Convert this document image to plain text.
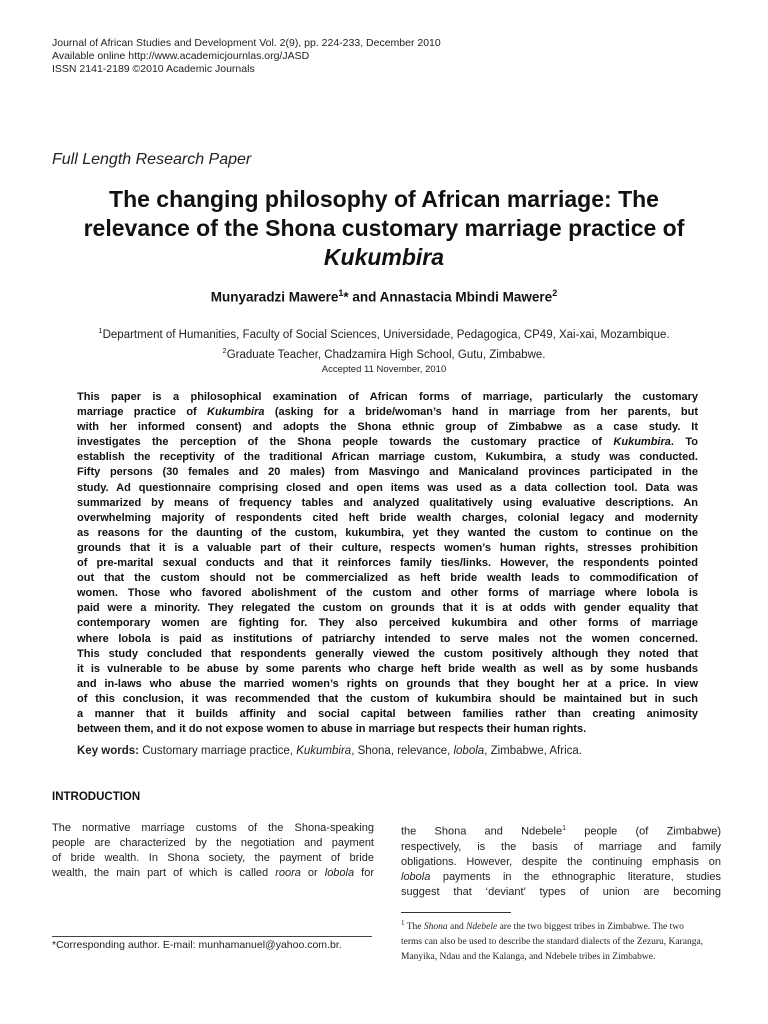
Journal of African Studies and Development Vol. 2(9), pp. 224-233, December 2010
Available online http://www.academicjournlas.org/JASD
ISSN 2141-2189 ©2010 Academic Journals
Full Length Research Paper
The changing philosophy of African marriage: The
relevance of the Shona customary marriage practice of
Kukumbira
Munyaradzi Mawere$^1$* and Annastacia Mbindi Mawere$^2$
$^1$Department of Humanities, Faculty of Social Sciences, Universidade, Pedagogica, CP49, Xai-xai, Mozambique.
$^2$Graduate Teacher, Chadzamira High School, Gutu, Zimbabwe.
Accepted 11 November, 2010
This paper is a philosophical examination of African forms of marriage, particularly the customary
marriage practice of Kukumbira (asking for a bride/woman’s hand in marriage from her parents, but
with her informed consent) and adopts the Shona ethnic group of Zimbabwe as a case study. It
investigates the perception of the Shona people towards the customary practice of Kukumbira. To
establish the receptivity of the traditional African marriage custom, Kukumbira, a study was conducted.
Fifty persons (30 females and 20 males) from Masvingo and Manicaland provinces participated in the
study. Ad questionnaire comprising closed and open items was used as a data collection tool. Data was
summarized by means of frequency tables and analyzed qualitatively using evaluative descriptions. An
overwhelming majority of respondents cited heft bride wealth charges, colonial legacy and modernity
as reasons for the daunting of the custom, kukumbira, yet they wanted the custom to continue on the
grounds that it is a valuable part of their culture, respects women’s human rights, stresses prohibition
of pre-marital sexual conducts and that it reinforces family ties/links. However, the respondents pointed
out that the custom should not be commercialized as heft bride wealth leads to commodification of
women. Those who favored abolishment of the custom and other forms of marriage where lobola is
paid were a minority. They relegated the custom on grounds that it is at odds with gender equality that
contemporary women are fighting for. They also perceived kukumbira and other forms of marriage
where lobola is paid as institutions of patriarchy intended to serve males not the women concerned.
This study concluded that respondents generally viewed the custom positively although they noted that
it is vulnerable to be abuse by some parents who charge heft bride wealth as well as by some husbands
and in-laws who abuse the married women’s rights on grounds that they bought her at a price. In view
of this conclusion, it was recommended that the custom of kukumbira should be maintained but in such
a manner that it builds affinity and social capital between families rather than creating animosity
between them, and it do not expose women to abuse in marriage but respects their human rights.
Key words: Customary marriage practice, Kukumbira, Shona, relevance, lobola, Zimbabwe, Africa.
INTRODUCTION
The normative marriage customs of the Shona-speaking
people are characterized by the negotiation and payment
of bride wealth. In Shona society, the payment of bride
wealth, the main part of which is called roora or lobola for
the Shona and Ndebele$^1$ people (of Zimbabwe)
respectively, is the basis of marriage and family
obligations. However, despite the continuing emphasis on
lobola payments in the ethnographic literature, studies
suggest that ‘deviant’ types of union are becoming
$^1$ The Shona and Ndebele are the two biggest tribes in Zimbabwe. The two
terms can also be used to describe the standard dialects of the Zezuru, Karanga,
Manyika, Ndau and the Kalanga, and Ndebele tribes in Zimbabwe.
*Corresponding author. E-mail: munhamanuel@yahoo.com.br.
